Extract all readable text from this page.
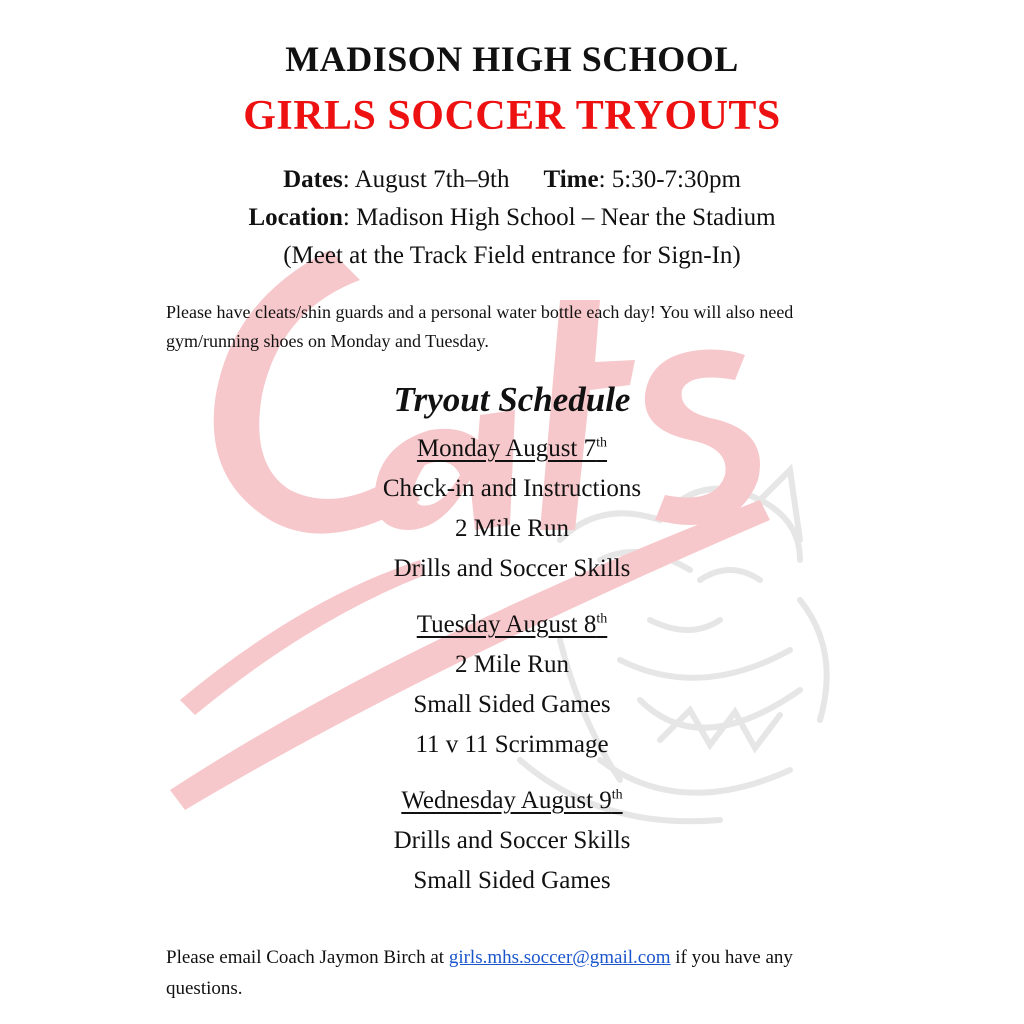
MADISON HIGH SCHOOL
GIRLS SOCCER TRYOUTS
Dates: August 7th–9th Time: 5:30-7:30pm
Location: Madison High School – Near the Stadium
(Meet at the Track Field entrance for Sign-In)
Please have cleats/shin guards and a personal water bottle each day! You will also need gym/running shoes on Monday and Tuesday.
Tryout Schedule
Monday August 7th
Check-in and Instructions
2 Mile Run
Drills and Soccer Skills
Tuesday August 8th
2 Mile Run
Small Sided Games
11 v 11 Scrimmage
Wednesday August 9th
Drills and Soccer Skills
Small Sided Games
Please email Coach Jaymon Birch at girls.mhs.soccer@gmail.com if you have any questions.
